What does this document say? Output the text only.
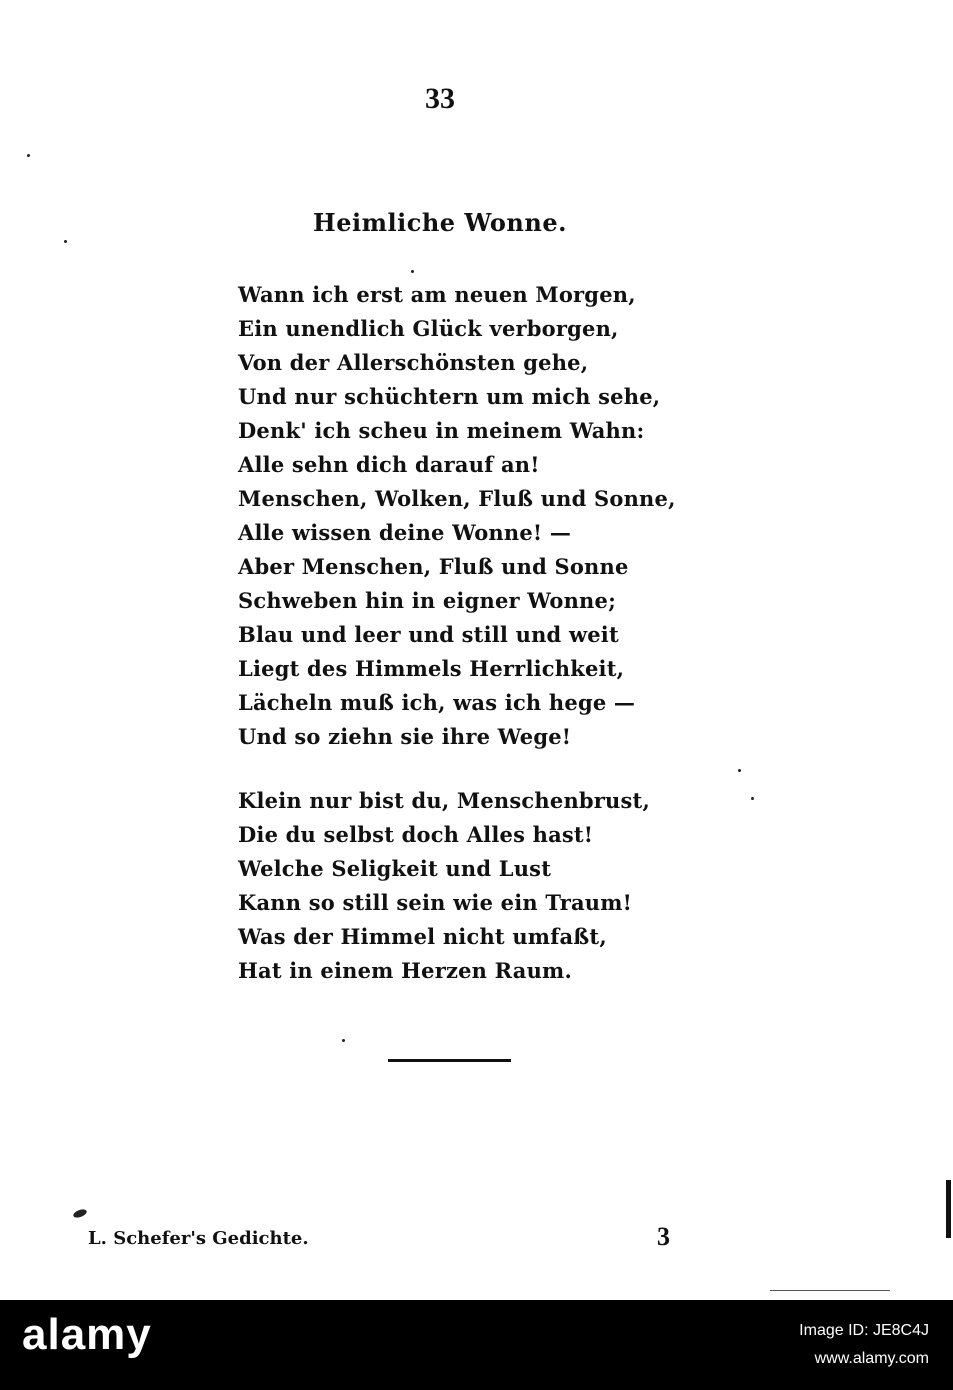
33
Heimliche Wonne.
Wann ich erst am neuen Morgen,
Ein unendlich Glück verborgen,
Von der Allerschönsten gehe,
Und nur schüchtern um mich sehe,
Denk' ich scheu in meinem Wahn:
Alle sehn dich darauf an!
Menschen, Wolken, Fluß und Sonne,
Alle wissen deine Wonne! —
Aber Menschen, Fluß und Sonne
Schweben hin in eigner Wonne;
Blau und leer und still und weit
Liegt des Himmels Herrlichkeit,
Lächeln muß ich, was ich hege —
Und so ziehn sie ihre Wege!
Klein nur bist du, Menschenbrust,
Die du selbst doch Alles hast!
Welche Seligkeit und Lust
Kann so still sein wie ein Traum!
Was der Himmel nicht umfaßt,
Hat in einem Herzen Raum.
L. Schefer's Gedichte.	3
alamy	Image ID: JE8C4J
www.alamy.com
